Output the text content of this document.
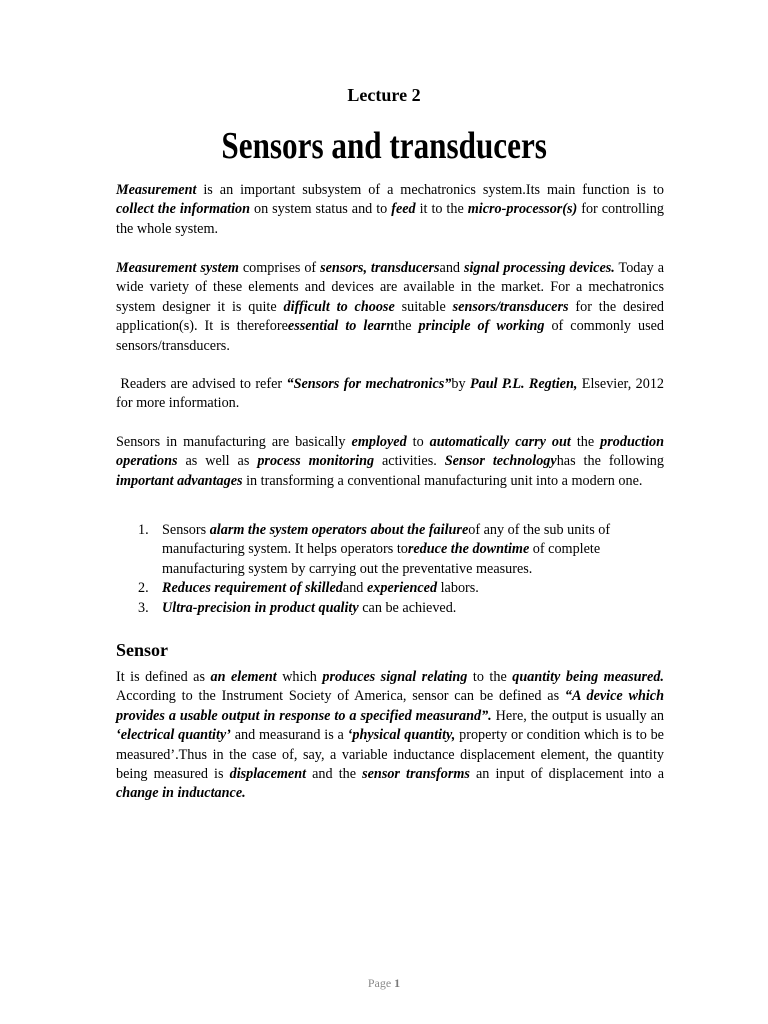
Lecture 2
Sensors and transducers
Measurement is an important subsystem of a mechatronics system.Its main function is to collect the information on system status and to feed it to the micro-processor(s) for controlling the whole system.
Measurement system comprises of sensors, transducersand signal processing devices. Today a wide variety of these elements and devices are available in the market. For a mechatronics system designer it is quite difficult to choose suitable sensors/transducers for the desired application(s). It is thereforeessential to learnthe principle of working of commonly used sensors/transducers.
Readers are advised to refer “Sensors for mechatronics”by Paul P.L. Regtien, Elsevier, 2012  for more information.
Sensors in manufacturing are basically employed to automatically carry out the production operations as well as process monitoring activities. Sensor technologyhas the following important advantages in transforming a conventional manufacturing unit into a modern one.
1. Sensors alarm the system operators about the failureof any of the sub units of manufacturing system. It helps operators toreduce the downtime of complete manufacturing system by carrying out the preventative measures.
2. Reduces requirement of skilledand experienced labors.
3. Ultra-precision in product quality can be achieved.
Sensor
It is defined as an element which produces signal relating to the quantity being measured. According to the Instrument Society of America, sensor can be defined as “A device which provides a usable output in response to a specified measurand”. Here, the output is usually an ‘electrical quantity’ and measurand is a ‘physical quantity, property or condition which is to be measured’.Thus in the case of, say, a variable inductance displacement element, the quantity being measured is displacement and the sensor transforms an input of displacement into a change in inductance.
Page 1
